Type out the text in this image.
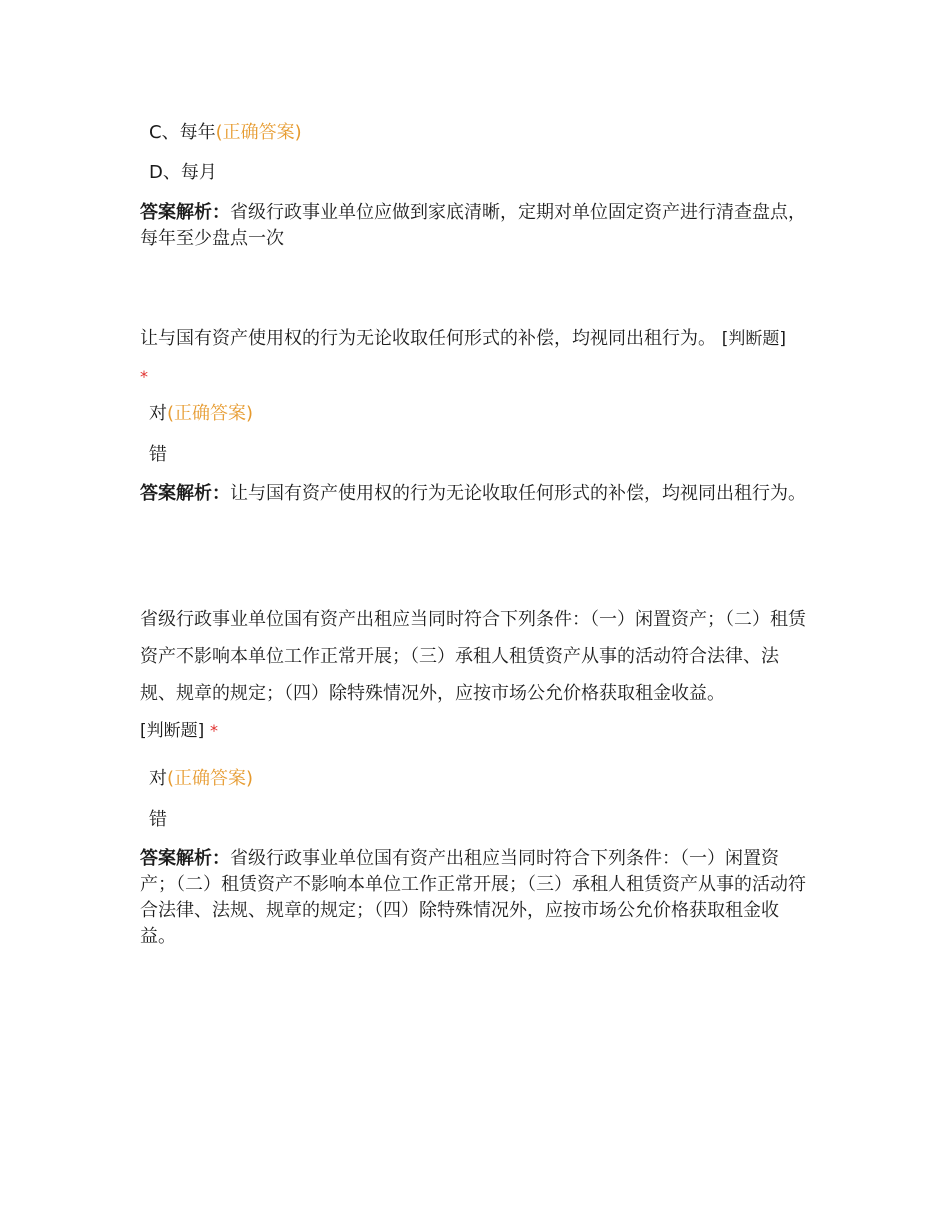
C、每年(正确答案)
D、每月
答案解析：省级行政事业单位应做到家底清晰，定期对单位固定资产进行清查盘点，每年至少盘点一次
让与国有资产使用权的行为无论收取任何形式的补偿，均视同出租行为。 [判断题]
*
对(正确答案)
错
答案解析：让与国有资产使用权的行为无论收取任何形式的补偿，均视同出租行为。
省级行政事业单位国有资产出租应当同时符合下列条件：（一）闲置资产；（二）租赁资产不影响本单位工作正常开展；（三）承租人租赁资产从事的活动符合法律、法规、规章的规定；（四）除特殊情况外，应按市场公允价格获取租金收益。
[判断题] *
对(正确答案)
错
答案解析：省级行政事业单位国有资产出租应当同时符合下列条件：（一）闲置资产；（二）租赁资产不影响本单位工作正常开展；（三）承租人租赁资产从事的活动符合法律、法规、规章的规定；（四）除特殊情况外，应按市场公允价格获取租金收益。
